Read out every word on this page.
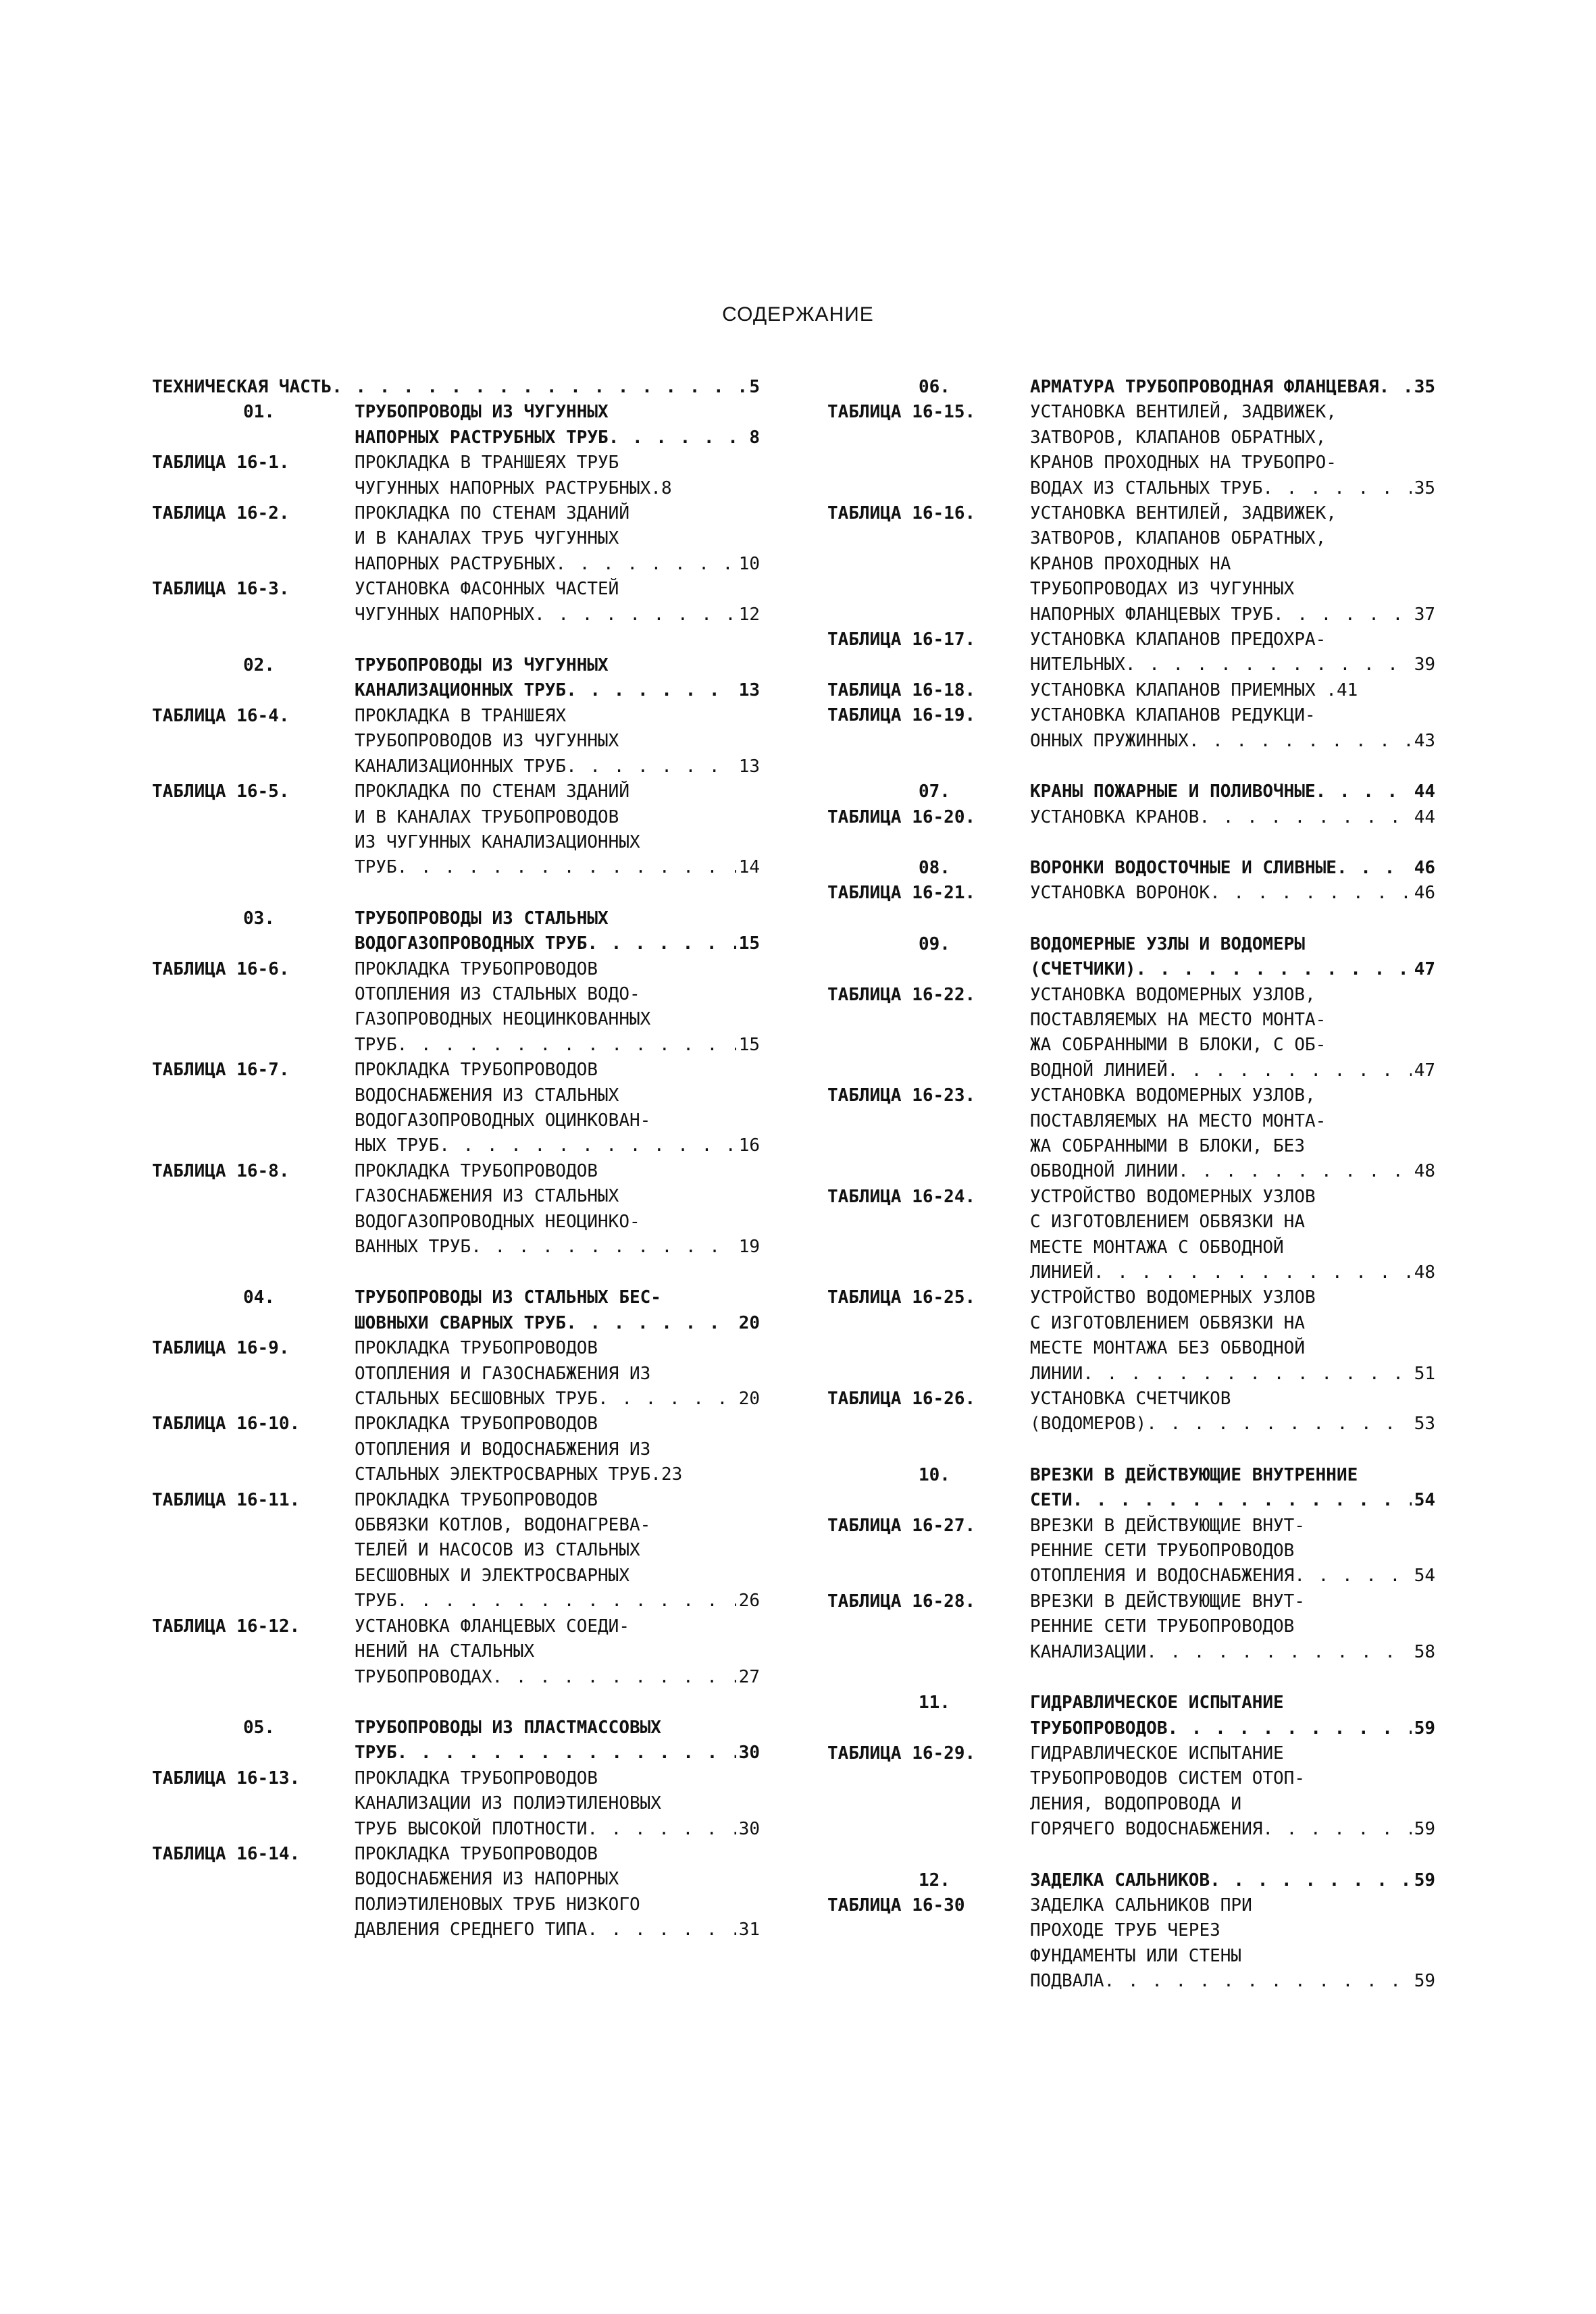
СОДЕРЖАНИЕ
ТЕХНИЧЕСКАЯ ЧАСТЬ . . .	5
01.	ТРУБОПРОВОДЫ ИЗ ЧУГУННЫХ
НАПОРНЫХ РАСТРУБНЫХ ТРУБ . . .	8
ТАБЛИЦА 16-1.	ПРОКЛАДКА В ТРАНШЕЯХ ТРУБ
ЧУГУННЫХ НАПОРНЫХ РАСТРУБНЫХ.8
ТАБЛИЦА 16-2.	ПРОКЛАДКА ПО СТЕНАМ ЗДАНИЙ
И В КАНАЛАХ ТРУБ ЧУГУННЫХ
НАПОРНЫХ РАСТРУБНЫХ . . .	10
ТАБЛИЦА 16-3.	УСТАНОВКА ФАСОННЫХ ЧАСТЕЙ
ЧУГУННЫХ НАПОРНЫХ . . .	12
02.	ТРУБОПРОВОДЫ ИЗ ЧУГУННЫХ
КАНАЛИЗАЦИОННЫХ ТРУБ . . .	13
ТАБЛИЦА 16-4.	ПРОКЛАДКА В ТРАНШЕЯХ
ТРУБОПРОВОДОВ ИЗ ЧУГУННЫХ
КАНАЛИЗАЦИОННЫХ ТРУБ . . .	13
ТАБЛИЦА 16-5.	ПРОКЛАДКА ПО СТЕНАМ ЗДАНИЙ
И В КАНАЛАХ ТРУБОПРОВОДОВ
ИЗ ЧУГУННЫХ КАНАЛИЗАЦИОННЫХ
ТРУБ . . .	14
03.	ТРУБОПРОВОДЫ ИЗ СТАЛЬНЫХ
ВОДОГАЗОПРОВОДНЫХ ТРУБ . . .	15
ТАБЛИЦА 16-6.	ПРОКЛАДКА ТРУБОПРОВОДОВ
ОТОПЛЕНИЯ ИЗ СТАЛЬНЫХ ВОДО-
ГАЗОПРОВОДНЫХ НЕОЦИНКОВАННЫХ
ТРУБ . . .	15
ТАБЛИЦА 16-7.	ПРОКЛАДКА ТРУБОПРОВОДОВ
ВОДОСНАБЖЕНИЯ ИЗ СТАЛЬНЫХ
ВОДОГАЗОПРОВОДНЫХ ОЦИНКОВАН-
НЫХ ТРУБ . . .	16
ТАБЛИЦА 16-8.	ПРОКЛАДКА ТРУБОПРОВОДОВ
ГАЗОСНАБЖЕНИЯ ИЗ СТАЛЬНЫХ
ВОДОГАЗОПРОВОДНЫХ НЕОЦИНКО-
ВАННЫХ ТРУБ . . .	19
04.	ТРУБОПРОВОДЫ ИЗ СТАЛЬНЫХ БЕС-
ШОВНЫХИ СВАРНЫХ ТРУБ . . .	20
ТАБЛИЦА 16-9.	ПРОКЛАДКА ТРУБОПРОВОДОВ
ОТОПЛЕНИЯ И ГАЗОСНАБЖЕНИЯ ИЗ
СТАЛЬНЫХ БЕСШОВНЫХ ТРУБ . . .	20
ТАБЛИЦА 16-10.	ПРОКЛАДКА ТРУБОПРОВОДОВ
ОТОПЛЕНИЯ И ВОДОСНАБЖЕНИЯ ИЗ
СТАЛЬНЫХ ЭЛЕКТРОСВАРНЫХ ТРУБ.23
ТАБЛИЦА 16-11.	ПРОКЛАДКА ТРУБОПРОВОДОВ
ОБВЯЗКИ КОТЛОВ, ВОДОНАГРЕВА-
ТЕЛЕЙ И НАСОСОВ ИЗ СТАЛЬНЫХ
БЕСШОВНЫХ И ЭЛЕКТРОСВАРНЫХ
ТРУБ . . .	26
ТАБЛИЦА 16-12.	УСТАНОВКА ФЛАНЦЕВЫХ СОЕДИ-
НЕНИЙ НА СТАЛЬНЫХ
ТРУБОПРОВОДАХ . . .	27
05.	ТРУБОПРОВОДЫ ИЗ ПЛАСТМАССОВЫХ
ТРУБ . . .	30
ТАБЛИЦА 16-13.	ПРОКЛАДКА ТРУБОПРОВОДОВ
КАНАЛИЗАЦИИ ИЗ ПОЛИЭТИЛЕНОВЫХ
ТРУБ ВЫСОКОЙ ПЛОТНОСТИ . . .	30
ТАБЛИЦА 16-14.	ПРОКЛАДКА ТРУБОПРОВОДОВ
ВОДОСНАБЖЕНИЯ ИЗ НАПОРНЫХ
ПОЛИЭТИЛЕНОВЫХ ТРУБ НИЗКОГО
ДАВЛЕНИЯ СРЕДНЕГО ТИПА . . .	31
06.	АРМАТУРА ТРУБОПРОВОДНАЯ ФЛАНЦЕВАЯ . . . 35
ТАБЛИЦА 16-15.	УСТАНОВКА ВЕНТИЛЕЙ, ЗАДВИЖЕК,
ЗАТВОРОВ, КЛАПАНОВ ОБРАТНЫХ,
КРАНОВ ПРОХОДНЫХ НА ТРУБОПРО-
ВОДАХ ИЗ СТАЛЬНЫХ ТРУБ . . .	35
ТАБЛИЦА 16-16.	УСТАНОВКА ВЕНТИЛЕЙ, ЗАДВИЖЕК,
ЗАТВОРОВ, КЛАПАНОВ ОБРАТНЫХ,
КРАНОВ ПРОХОДНЫХ НА
ТРУБОПРОВОДАХ ИЗ ЧУГУННЫХ
НАПОРНЫХ ФЛАНЦЕВЫХ ТРУБ . . .	37
ТАБЛИЦА 16-17.	УСТАНОВКА КЛАПАНОВ ПРЕДОХРА-
НИТЕЛЬНЫХ . . .	39
ТАБЛИЦА 16-18.	УСТАНОВКА КЛАПАНОВ ПРИЕМНЫХ .41
ТАБЛИЦА 16-19.	УСТАНОВКА КЛАПАНОВ РЕДУКЦИ-
ОННЫХ ПРУЖИННЫХ . . .	43
07.	КРАНЫ ПОЖАРНЫЕ И ПОЛИВОЧНЫЕ . . .	44
ТАБЛИЦА 16-20.	УСТАНОВКА КРАНОВ . . .	44
08.	ВОРОНКИ ВОДОСТОЧНЫЕ И СЛИВНЫЕ . . .	46
ТАБЛИЦА 16-21.	УСТАНОВКА ВОРОНОК . . .	46
09.	ВОДОМЕРНЫЕ УЗЛЫ И ВОДОМЕРЫ
(СЧЕТЧИКИ) . . .	47
ТАБЛИЦА 16-22.	УСТАНОВКА ВОДОМЕРНЫХ УЗЛОВ,
ПОСТАВЛЯЕМЫХ НА МЕСТО МОНТА-
ЖА СОБРАННЫМИ В БЛОКИ, С ОБ-
ВОДНОЙ ЛИНИЕЙ . . .	47
ТАБЛИЦА 16-23.	УСТАНОВКА ВОДОМЕРНЫХ УЗЛОВ,
ПОСТАВЛЯЕМЫХ НА МЕСТО МОНТА-
ЖА СОБРАННЫМИ В БЛОКИ, БЕЗ
ОБВОДНОЙ ЛИНИИ . . .	48
ТАБЛИЦА 16-24.	УСТРОЙСТВО ВОДОМЕРНЫХ УЗЛОВ
С ИЗГОТОВЛЕНИЕМ ОБВЯЗКИ НА
МЕСТЕ МОНТАЖА С ОБВОДНОЙ
ЛИНИЕЙ . . .	48
ТАБЛИЦА 16-25.	УСТРОЙСТВО ВОДОМЕРНЫХ УЗЛОВ
С ИЗГОТОВЛЕНИЕМ ОБВЯЗКИ НА
МЕСТЕ МОНТАЖА БЕЗ ОБВОДНОЙ
ЛИНИИ . . .	51
ТАБЛИЦА 16-26.	УСТАНОВКА СЧЕТЧИКОВ
(ВОДОМЕРОВ) . . .	53
10.	ВРЕЗКИ В ДЕЙСТВУЮЩИЕ ВНУТРЕННИЕ
СЕТИ . . .	54
ТАБЛИЦА 16-27.	ВРЕЗКИ В ДЕЙСТВУЮЩИЕ ВНУТ-
РЕННИЕ СЕТИ ТРУБОПРОВОДОВ
ОТОПЛЕНИЯ И ВОДОСНАБЖЕНИЯ . . .	54
ТАБЛИЦА 16-28.	ВРЕЗКИ В ДЕЙСТВУЮЩИЕ ВНУТ-
РЕННИЕ СЕТИ ТРУБОПРОВОДОВ
КАНАЛИЗАЦИИ . . .	58
11.	ГИДРАВЛИЧЕСКОЕ ИСПЫТАНИЕ
ТРУБОПРОВОДОВ . . .	59
ТАБЛИЦА 16-29.	ГИДРАВЛИЧЕСКОЕ ИСПЫТАНИЕ
ТРУБОПРОВОДОВ СИСТЕМ ОТОП-
ЛЕНИЯ, ВОДОПРОВОДА И
ГОРЯЧЕГО ВОДОСНАБЖЕНИЯ . . .	59
12.	ЗАДЕЛКА САЛЬНИКОВ . . .	59
ТАБЛИЦА 16-30	ЗАДЕЛКА САЛЬНИКОВ ПРИ
ПРОХОДЕ ТРУБ ЧЕРЕЗ
ФУНДАМЕНТЫ ИЛИ СТЕНЫ
ПОДВАЛА . . .	59
